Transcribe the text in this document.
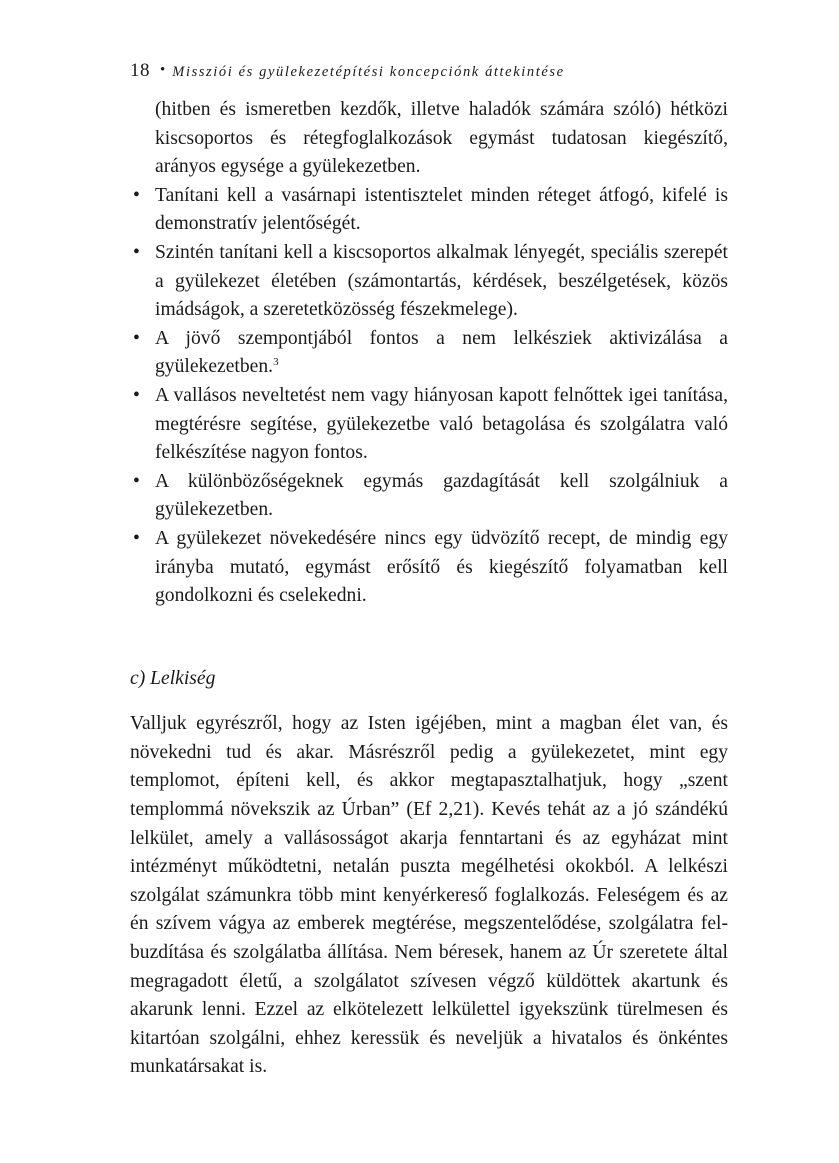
18 • Missziói és gyülekezetépítési koncepciónk áttekintése

(hitben és ismeretben kezdők, illetve haladók számára szóló) hétközi kiscsoportos és rétegfoglalkozások egymást tudatosan kiegészítő, arányos egysége a gyülekezetben.

• Tanítani kell a vasárnapi istentisztelet minden réteget átfogó, kifelé is demonstratív jelentőségét.
• Szintén tanítani kell a kiscsoportos alkalmak lényegét, speciális szerepét a gyülekezet életében (számontartás, kérdések, beszélgetések, közös imádságok, a szeretetközösség fészekmelege).
• A jövő szempontjából fontos a nem lelkésziek aktivizálása a gyülekezetben.$^3$
• A vallásos neveltetést nem vagy hiányosan kapott felnőttek igei tanítása, megtérésre segítése, gyülekezetbe való betagolása és szolgálatra való felkészítése nagyon fontos.
• A különbözőségeknek egymás gazdagítását kell szolgálniuk a gyülekezetben.
• A gyülekezet növekedésére nincs egy üdvözítő recept, de mindig egy irányba mutató, egymást erősítő és kiegészítő folyamatban kell gondolkozni és cselekedni.
c) Lelkiség

Valljuk egyrészről, hogy az Isten igéjében, mint a magban élet van, és növekedni tud és akar. Másrészről pedig a gyülekezetet, mint egy templomot, építeni kell, és akkor megtapasztalhatjuk, hogy „szent templommá növekszik az Úrban” (Ef 2,21). Kevés tehát az a jó szándékú lelkület, amely a vallásosságot akarja fenntartani és az egyházat mint intézményt működtetni, netalán puszta megélhetési okokból. A lelkészi szolgálat számunkra több mint kenyérkereső foglalkozás. Feleségem és az én szívem vágya az emberek megtérése, megszentelődése, szolgálatra felbuzdítása és szolgálatba állítása. Nem béresek, hanem az Úr szeretete által megragadott életű, a szolgálatot szívesen végző küldöttek akartunk és akarunk lenni. Ezzel az elkötelezett lelkülettel igyekszünk türelmesen és kitartóan szolgálni, ehhez keressük és neveljük a hivatalos és önkéntes munkatársakat is.
